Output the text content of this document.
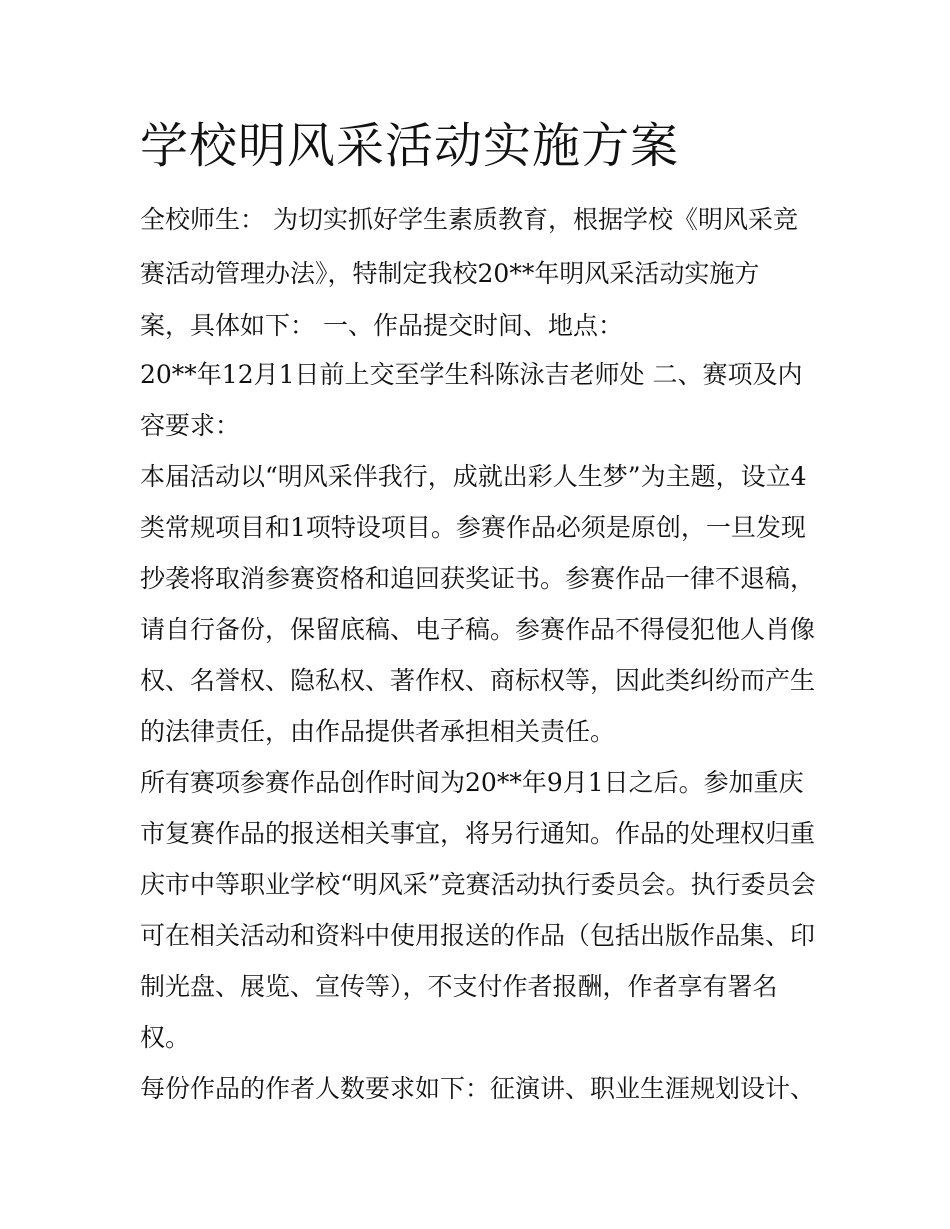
学校明风采活动实施方案

全校师生： 为切实抓好学生素质教育，根据学校《明风采竞

赛活动管理办法》，特制定我校20**年明风采活动实施方

案，具体如下： 一、作品提交时间、地点：

20**年12月1日前上交至学生科陈泳吉老师处 二、赛项及内

容要求：

本届活动以“明风采伴我行，成就出彩人生梦”为主题，设立4

类常规项目和1项特设项目。参赛作品必须是原创，一旦发现

抄袭将取消参赛资格和追回获奖证书。参赛作品一律不退稿，

请自行备份，保留底稿、电子稿。参赛作品不得侵犯他人肖像

权、名誉权、隐私权、著作权、商标权等，因此类纠纷而产生

的法律责任，由作品提供者承担相关责任。

所有赛项参赛作品创作时间为20**年9月1日之后。参加重庆

市复赛作品的报送相关事宜，将另行通知。作品的处理权归重

庆市中等职业学校“明风采”竞赛活动执行委员会。执行委员会

可在相关活动和资料中使用报送的作品（包括出版作品集、印

制光盘、展览、宣传等），不支付作者报酬，作者享有署名

权。

每份作品的作者人数要求如下：征演讲、职业生涯规划设计、
